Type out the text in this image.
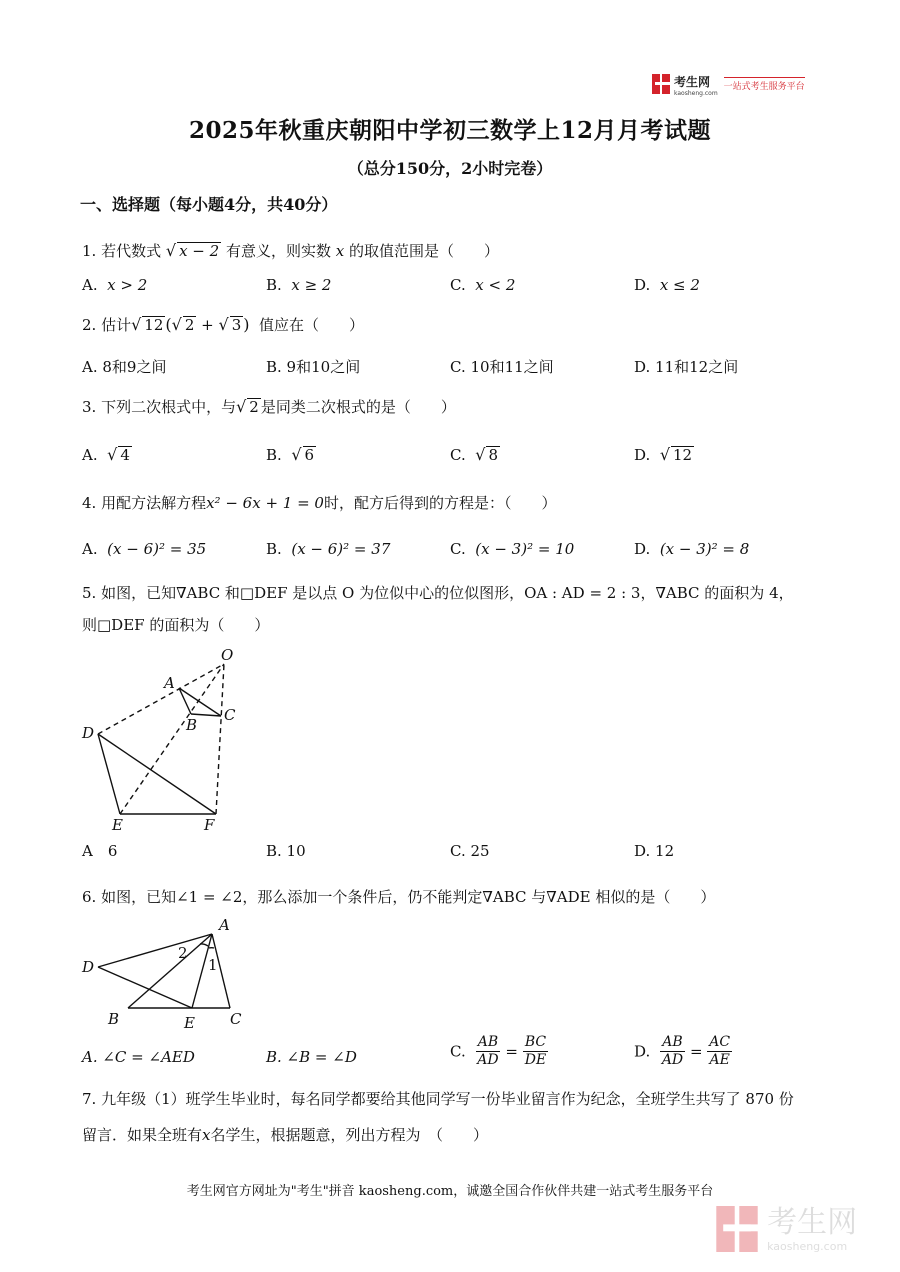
考生网
kaosheng.com
一站式考生服务平台
2025年秋重庆朝阳中学初三数学上12月月考试题
（总分150分，2小时完卷）
一、选择题（每小题4分，共40分）
1. 若代数式 √ x − 2 有意义，则实数 x 的取值范围是（　　）
A. x > 2	B. x ≥ 2	C. x < 2	D. x ≤ 2
2. 估计√ 12 (√ 2 + √ 3 ) 值应在（　　）
A. 8和9之间	B. 9和10之间	C. 10和11之间	D. 11和12之间
3. 下列二次根式中，与√ 2 是同类二次根式的是（　　）
A. √ 4	B. √ 6	C. √ 8	D. √ 12
4. 用配方法解方程x² − 6x + 1 = 0时，配方后得到的方程是：（　　）
A. (x − 6)² = 35	B. (x − 6)² = 37	C. (x − 3)² = 10	D. (x − 3)² = 8
5. 如图，已知∇ABC 和□DEF 是以点 O 为位似中心的位似图形，OA : AD = 2 : 3，∇ABC 的面积为 4，
则□DEF 的面积为（　　）
O
A
B
C
D
E	F
A　6	B. 10	C. 25	D. 12
6. 如图，已知∠1 = ∠2，那么添加一个条件后，仍不能判定∇ABC 与∇ADE 相似的是（　　）
A
D
B	E C
2
1
A. ∠C = ∠AED	B. ∠B = ∠D	C. $\frac{AB}{AD} = \frac{BC}{DE}$	D. $\frac{AB}{AD} = \frac{AC}{AE}$
7. 九年级（1）班学生毕业时，每名同学都要给其他同学写一份毕业留言作为纪念，全班学生共写了 870 份
留言．如果全班有x名学生，根据题意，列出方程为　（　　）
考生网官方网址为"考生"拼音 kaosheng.com，诚邀全国合作伙伴共建一站式考生服务平台

考生网
kaosheng.com
